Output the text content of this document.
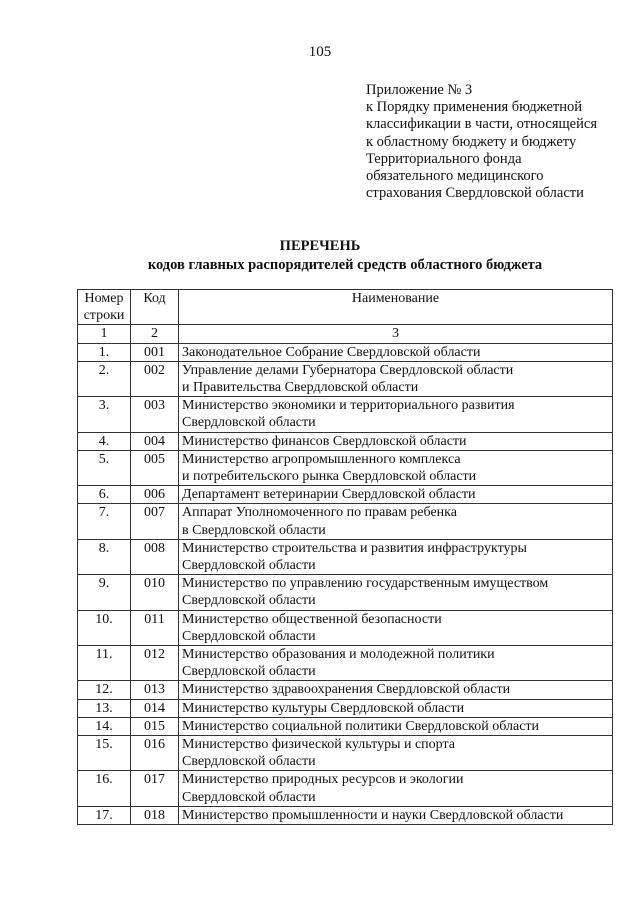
105
Приложение № 3
к Порядку применения бюджетной
классификации в части, относящейся
к областному бюджету и бюджету
Территориального фонда
обязательного медицинского
страхования Свердловской области
ПЕРЕЧЕНЬ
кодов главных распорядителей средств областного бюджета
Номер
строки	Код	Наименование
1	2	3
1.	001	Законодательное Собрание Свердловской области

2.	002	Управление делами Губернатора Свердловской области
и Правительства Свердловской области

3.	003	Министерство экономики и территориального развития
Свердловской области

4.	004	Министерство финансов Свердловской области

5.	005	Министерство агропромышленного комплекса
и потребительского рынка Свердловской области

6.	006	Департамент ветеринарии Свердловской области

7.	007	Аппарат Уполномоченного по правам ребенка
в Свердловской области

8.	008	Министерство строительства и развития инфраструктуры
Свердловской области

9.	010	Министерство по управлению государственным имуществом
Свердловской области

10.	011	Министерство общественной безопасности
Свердловской области

11.	012	Министерство образования и молодежной политики
Свердловской области

12.	013	Министерство здравоохранения Свердловской области

13.	014	Министерство культуры Свердловской области

14.	015	Министерство социальной политики Свердловской области

15.	016	Министерство физической культуры и спорта
Свердловской области

16.	017	Министерство природных ресурсов и экологии
Свердловской области

17.	018	Министерство промышленности и науки Свердловской области
